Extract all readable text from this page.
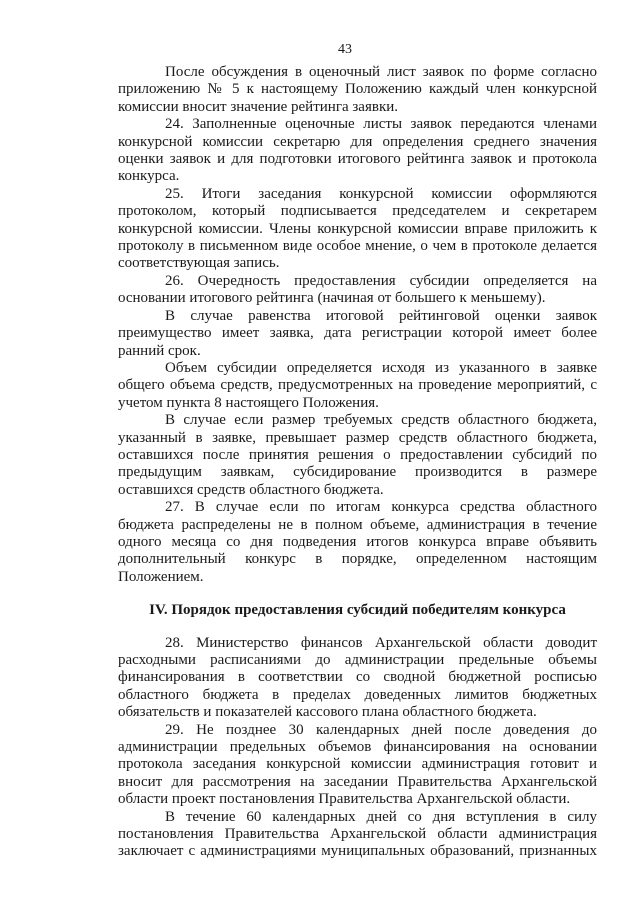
43

После обсуждения в оценочный лист заявок по форме согласно приложению № 5 к настоящему Положению каждый член конкурсной комиссии вносит значение рейтинга заявки.

24. Заполненные оценочные листы заявок передаются членами конкурсной комиссии секретарю для определения среднего значения оценки заявок и для подготовки итогового рейтинга заявок и протокола конкурса.

25. Итоги заседания конкурсной комиссии оформляются протоколом, который подписывается председателем и секретарем конкурсной комиссии. Члены конкурсной комиссии вправе приложить к протоколу в письменном виде особое мнение, о чем в протоколе делается соответствующая запись.

26. Очередность предоставления субсидии определяется на основании итогового рейтинга (начиная от большего к меньшему).

В случае равенства итоговой рейтинговой оценки заявок преимущество имеет заявка, дата регистрации которой имеет более ранний срок.

Объем субсидии определяется исходя из указанного в заявке общего объема средств, предусмотренных на проведение мероприятий, с учетом пункта 8 настоящего Положения.

В случае если размер требуемых средств областного бюджета, указанный в заявке, превышает размер средств областного бюджета, оставшихся после принятия решения о предоставлении субсидий по предыдущим заявкам, субсидирование производится в размере оставшихся средств областного бюджета.

27. В случае если по итогам конкурса средства областного бюджета распределены не в полном объеме, администрация в течение одного месяца со дня подведения итогов конкурса вправе объявить дополнительный конкурс в порядке, определенном настоящим Положением.

IV. Порядок предоставления субсидий победителям конкурса

28. Министерство финансов Архангельской области доводит расходными расписаниями до администрации предельные объемы финансирования в соответствии со сводной бюджетной росписью областного бюджета в пределах доведенных лимитов бюджетных обязательств и показателей кассового плана областного бюджета.

29. Не позднее 30 календарных дней после доведения до администрации предельных объемов финансирования на основании протокола заседания конкурсной комиссии администрация готовит и вносит для рассмотрения на заседании Правительства Архангельской области проект постановления Правительства Архангельской области.

В течение 60 календарных дней со дня вступления в силу постановления Правительства Архангельской области администрация заключает с администрациями муниципальных образований, признанных
